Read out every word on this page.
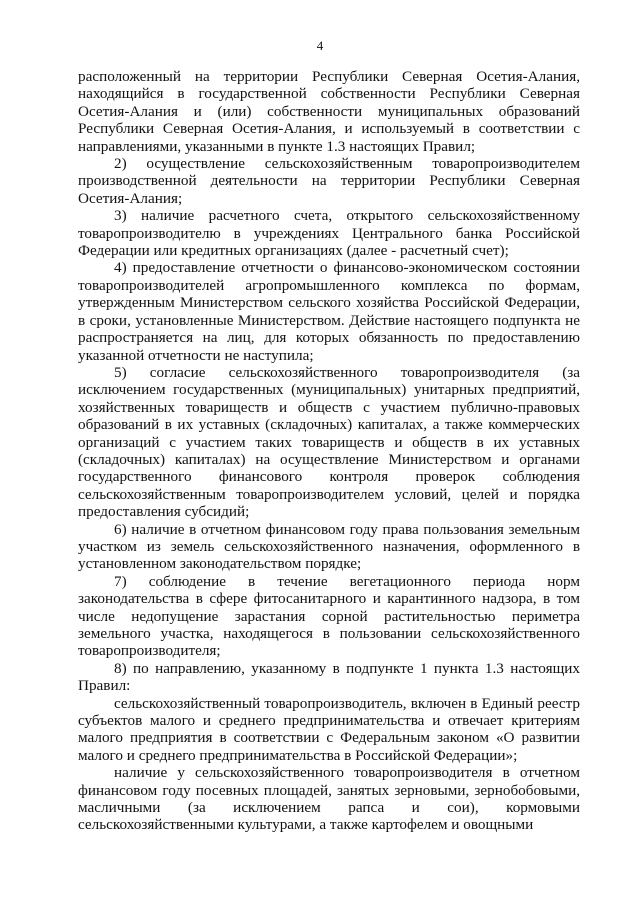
4

расположенный на территории Республики Северная Осетия-Алания, находящийся в государственной собственности Республики Северная Осетия-Алания и (или) собственности муниципальных образований Республики Северная Осетия-Алания, и используемый в соответствии с направлениями, указанными в пункте 1.3 настоящих Правил;

2) осуществление сельскохозяйственным товаропроизводителем производственной деятельности на территории Республики Северная Осетия-Алания;

3) наличие расчетного счета, открытого сельскохозяйственному товаропроизводителю в учреждениях Центрального банка Российской Федерации или кредитных организациях (далее - расчетный счет);

4) предоставление отчетности о финансово-экономическом состоянии товаропроизводителей агропромышленного комплекса по формам, утвержденным Министерством сельского хозяйства Российской Федерации, в сроки, установленные Министерством. Действие настоящего подпункта не распространяется на лиц, для которых обязанность по предоставлению указанной отчетности не наступила;

5) согласие сельскохозяйственного товаропроизводителя (за исключением государственных (муниципальных) унитарных предприятий, хозяйственных товариществ и обществ с участием публично-правовых образований в их уставных (складочных) капиталах, а также коммерческих организаций с участием таких товариществ и обществ в их уставных (складочных) капиталах) на осуществление Министерством и органами государственного финансового контроля проверок соблюдения сельскохозяйственным товаропроизводителем условий, целей и порядка предоставления субсидий;

6) наличие в отчетном финансовом году права пользования земельным участком из земель сельскохозяйственного назначения, оформленного в установленном законодательством порядке;

7) соблюдение в течение вегетационного периода норм законодательства в сфере фитосанитарного и карантинного надзора, в том числе недопущение зарастания сорной растительностью периметра земельного участка, находящегося в пользовании сельскохозяйственного товаропроизводителя;

8) по направлению, указанному в подпункте 1 пункта 1.3 настоящих Правил:

сельскохозяйственный товаропроизводитель, включен в Единый реестр субъектов малого и среднего предпринимательства и отвечает критериям малого предприятия в соответствии с Федеральным законом «О развитии малого и среднего предпринимательства в Российской Федерации»;

наличие у сельскохозяйственного товаропроизводителя в отчетном финансовом году посевных площадей, занятых зерновыми, зернобобовыми, масличными (за исключением рапса и сои), кормовыми сельскохозяйственными культурами, а также картофелем и овощными
